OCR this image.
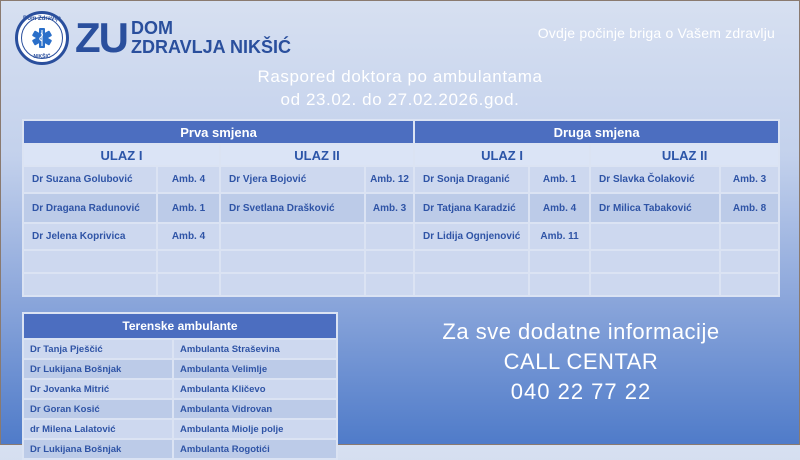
Dom Zdravlja
NIKŠIĆ ZU DOM
ZDRAVLJA NIKŠIĆ
Ovdje počinje briga o Vašem zdravlju
Raspored doktora po ambulantama
od 23.02. do 27.02.2026.god.
Prva smjena				Druga smjena			
ULAZ I		ULAZ II		ULAZ I		ULAZ II	
Dr Suzana Golubović	Amb. 4	Dr Vjera Bojović	Amb. 12	Dr Sonja Draganić	Amb. 1	Dr Slavka Čolaković	Amb. 3
Dr Dragana Radunović	Amb. 1	Dr Svetlana Drašković	Amb. 3	Dr Tatjana Karadzić	Amb. 4	Dr Milica Tabaković	Amb. 8
Dr Jelena Koprivica	Amb. 4			Dr Lidija Ognjenović	Amb. 11		

Terenske ambulante	
Dr Tanja Pješčić	Ambulanta Straševina
Dr Lukijana Bošnjak	Ambulanta Velimlje
Dr Jovanka Mitrić	Ambulanta Kličevo
Dr Goran Kosić	Ambulanta Vidrovan
dr Milena Lalatović	Ambulanta Miolje polje
Dr Lukijana Bošnjak	Ambulanta Rogotići
Za sve dodatne informacije
CALL CENTAR
040 22 77 22
